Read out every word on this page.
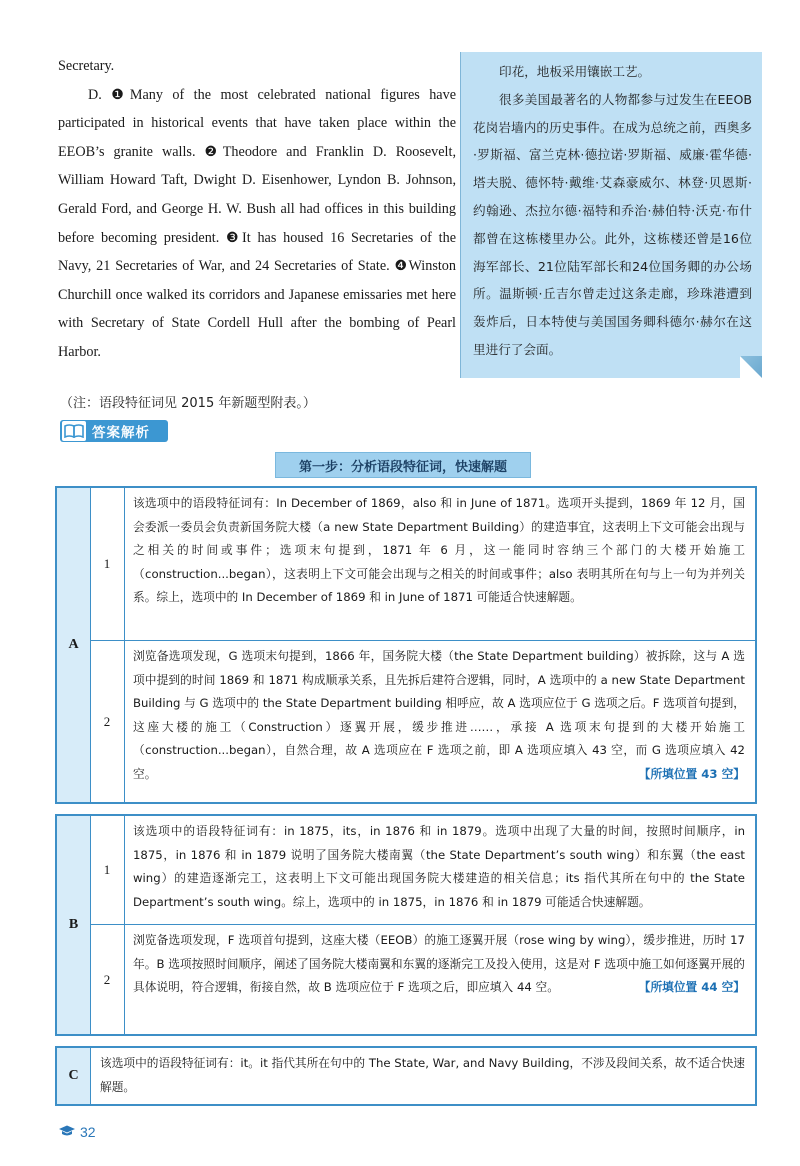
Secretary.

D. ❶Many of the most celebrated national figures have participated in historical events that have taken place within the EEOB’s granite walls. ❷Theodore and Franklin D. Roosevelt, William Howard Taft, Dwight D. Eisenhower, Lyndon B. Johnson, Gerald Ford, and George H. W. Bush all had offices in this building before becoming president. ❸It has housed 16 Secretaries of the Navy, 21 Secretaries of War, and 24 Secretaries of State. ❹Winston Churchill once walked its corridors and Japanese emissaries met here with Secretary of State Cordell Hull after the bombing of Pearl Harbor.

印花，地板采用镶嵌工艺。

很多美国最著名的人物都参与过发生在EEOB花岗岩墙内的历史事件。在成为总统之前，西奥多·罗斯福、富兰克林·德拉诺·罗斯福、威廉·霍华德·塔夫脱、德怀特·戴维·艾森豪威尔、林登·贝恩斯·约翰逊、杰拉尔德·福特和乔治·赫伯特·沃克·布什都曾在这栋楼里办公。此外，这栋楼还曾是16位海军部长、21位陆军部长和24位国务卿的办公场所。温斯顿·丘吉尔曾走过这条走廊，珍珠港遭到轰炸后，日本特使与美国国务卿科德尔·赫尔在这里进行了会面。

（注：语段特征词见 2015 年新题型附表。）
答案解析
第一步：分析语段特征词，快速解题
A
1

该选项中的语段特征词有：In December of 1869，also 和 in June of 1871。选项开头提到，1869 年 12 月，国会委派一委员会负责新国务院大楼（a new State Department Building）的建造事宜，这表明上下文可能会出现与之相关的时间或事件；选项末句提到，1871 年 6 月，这一能同时容纳三个部门的大楼开始施工（construction...began），这表明上下文可能会出现与之相关的时间或事件；also 表明其所在句与上一句为并列关系。综上，选项中的 In December of 1869 和 in June of 1871 可能适合快速解题。

2

浏览备选项发现，G 选项末句提到，1866 年，国务院大楼（the State Department building）被拆除，这与 A 选项中提到的时间 1869 和 1871 构成顺承关系，且先拆后建符合逻辑，同时，A 选项中的 a new State Department Building 与 G 选项中的 the State Department building 相呼应，故 A 选项应位于 G 选项之后。F 选项首句提到，这座大楼的施工（Construction）逐翼开展，缓步推进……，承接 A 选项末句提到的大楼开始施工（construction...began），自然合理，故 A 选项应在 F 选项之前，即 A 选项应填入 43 空，而 G 选项应填入 42 空。	【所填位置 43 空】

B
1

该选项中的语段特征词有：in 1875，its，in 1876 和 in 1879。选项中出现了大量的时间，按照时间顺序，in 1875，in 1876 和 in 1879 说明了国务院大楼南翼（the State Department’s south wing）和东翼（the east wing）的建造逐渐完工，这表明上下文可能出现国务院大楼建造的相关信息；its 指代其所在句中的 the State Department’s south wing。综上，选项中的 in 1875，in 1876 和 in 1879 可能适合快速解题。

2

浏览备选项发现，F 选项首句提到，这座大楼（EEOB）的施工逐翼开展（rose wing by wing），缓步推进，历时 17 年。B 选项按照时间顺序，阐述了国务院大楼南翼和东翼的逐渐完工及投入使用，这是对 F 选项中施工如何逐翼开展的具体说明，符合逻辑，衔接自然，故 B 选项应位于 F 选项之后，即应填入 44 空。	【所填位置 44 空】

C

该选项中的语段特征词有：it。it 指代其所在句中的 The State, War, and Navy Building，不涉及段间关系，故不适合快速解题。

32
